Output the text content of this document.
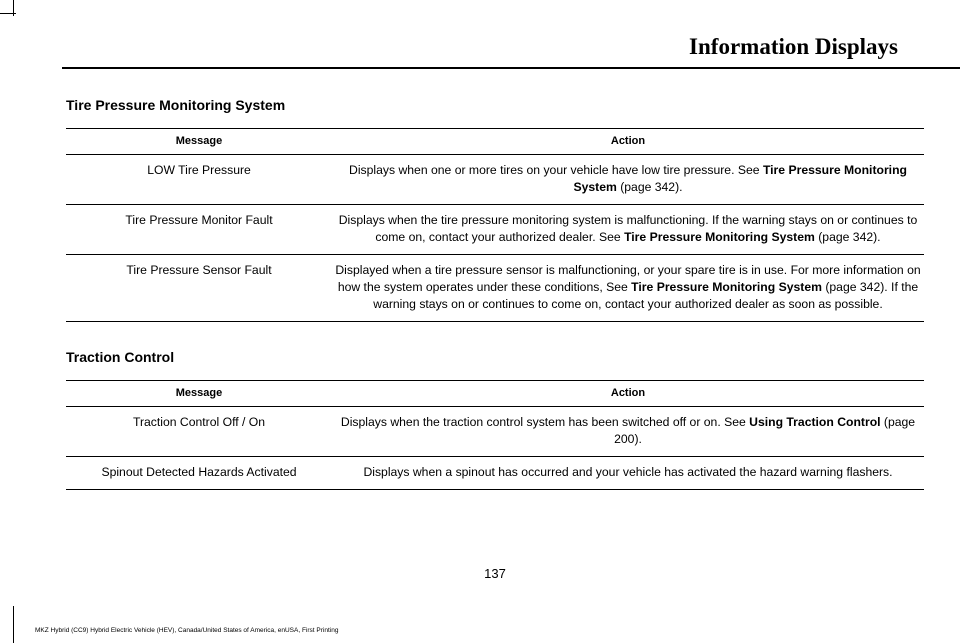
Information Displays
Tire Pressure Monitoring System
Message	Action
LOW Tire Pressure	Displays when one or more tires on your vehicle have low tire pressure. See Tire Pressure Monitoring System (page 342).
Tire Pressure Monitor Fault	Displays when the tire pressure monitoring system is malfunctioning. If the warning stays on or continues to come on, contact your authorized dealer. See Tire Pressure Monitoring System (page 342).
Tire Pressure Sensor Fault	Displayed when a tire pressure sensor is malfunctioning, or your spare tire is in use. For more information on how the system operates under these conditions, See Tire Pressure Monitoring System (page 342). If the warning stays on or continues to come on, contact your authorized dealer as soon as possible.
Traction Control
Message	Action
Traction Control Off / On	Displays when the traction control system has been switched off or on. See Using Traction Control (page 200).
Spinout Detected Hazards Activated	Displays when a spinout has occurred and your vehicle has activated the hazard warning flashers.
137
MKZ Hybrid (CC9) Hybrid Electric Vehicle (HEV), Canada/United States of America, enUSA, First Printing
